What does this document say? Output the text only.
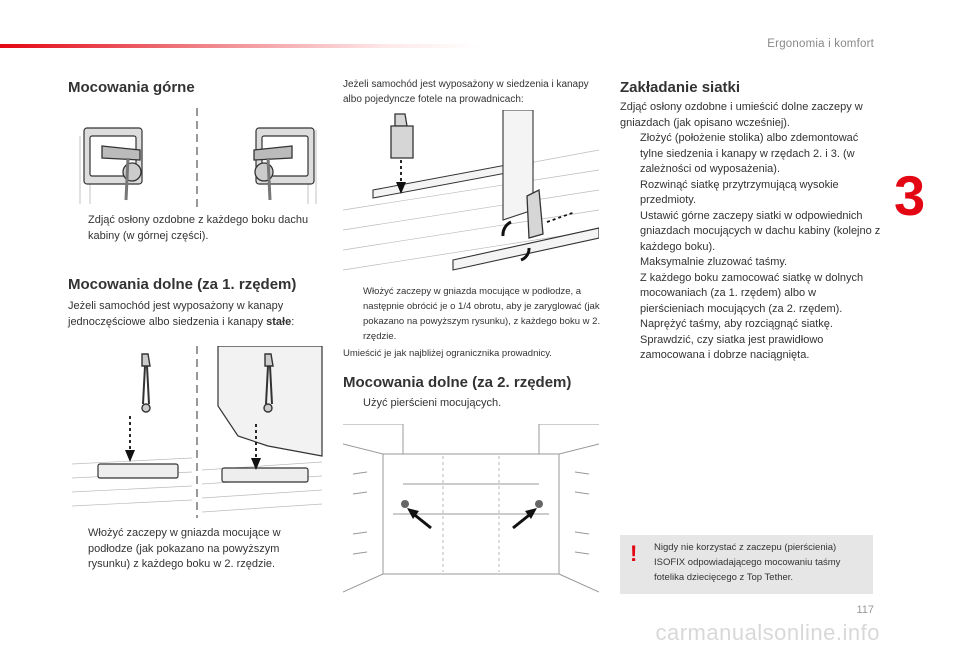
Ergonomia i komfort
3
Mocowania górne
Zdjąć osłony ozdobne z każdego boku dachu kabiny (w górnej części).
Mocowania dolne (za 1. rzędem)
Jeżeli samochód jest wyposażony w kanapy jednoczęściowe albo siedzenia i kanapy stałe:
Włożyć zaczepy w gniazda mocujące w podłodze (jak pokazano na powyższym rysunku) z każdego boku w 2. rzędzie.
Jeżeli samochód jest wyposażony w siedzenia i kanapy albo pojedyncze fotele na prowadnicach:
Włożyć zaczepy w gniazda mocujące w podłodze, a następnie obrócić je o 1/4 obrotu, aby je zaryglować (jak pokazano na powyższym rysunku), z każdego boku w 2. rzędzie.
Umieścić je jak najbliżej ogranicznika prowadnicy.
Mocowania dolne (za 2. rzędem)
Użyć pierścieni mocujących.
Zakładanie siatki
Zdjąć osłony ozdobne i umieścić dolne zaczepy w gniazdach (jak opisano wcześniej).
Złożyć (położenie stolika) albo zdemontować tylne siedzenia i kanapy w rzędach 2. i 3. (w zależności od wyposażenia).
Rozwinąć siatkę przytrzymującą wysokie przedmioty.
Ustawić górne zaczepy siatki w odpowiednich gniazdach mocujących w dachu kabiny (kolejno z każdego boku).
Maksymalnie zluzować taśmy.
Z każdego boku zamocować siatkę w dolnych mocowaniach (za 1. rzędem) albo w pierścieniach mocujących (za 2. rzędem).
Naprężyć taśmy, aby rozciągnąć siatkę.
Sprawdzić, czy siatka jest prawidłowo zamocowana i dobrze naciągnięta.
! Nigdy nie korzystać z zaczepu (pierścienia) ISOFIX odpowiadającego mocowaniu taśmy fotelika dziecięcego z Top Tether.
117
carmanualsonline.info
